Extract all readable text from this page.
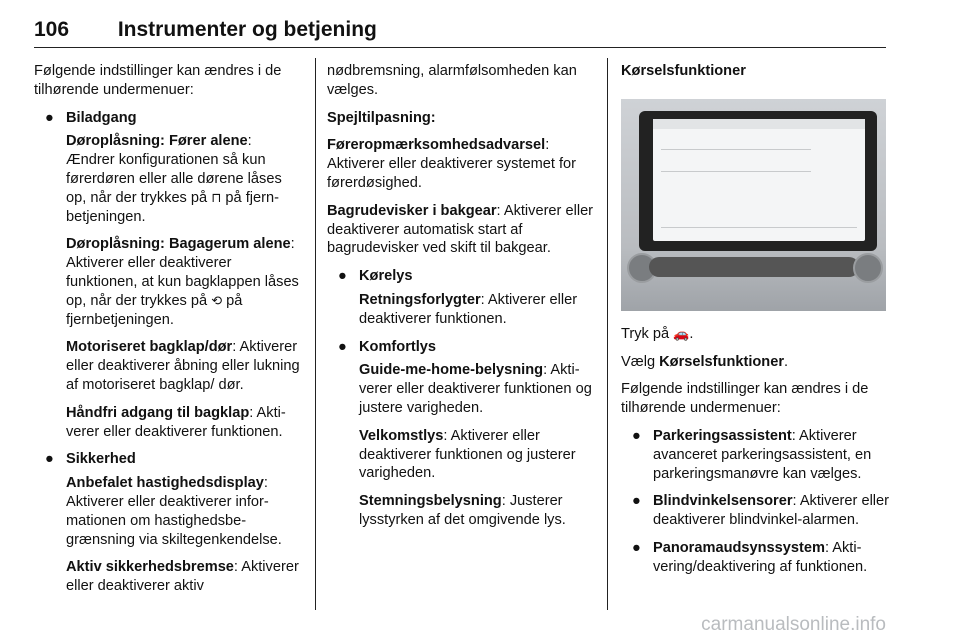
106 Instrumenter og betjening

Følgende indstillinger kan ændres i de tilhørende undermenuer:

● Biladgang

Døroplåsning: Fører alene: Ændrer konfigurationen så kun førerdøren eller alle dørene låses op, når der trykkes på ⊓ på fjernbetjeningen.

Døroplåsning: Bagagerum alene: Aktiverer eller deaktiverer funktionen, at kun bagklappen låses op, når der trykkes på ⟲ på fjernbetjeningen.

Motoriseret bagklap/dør: Aktiverer eller deaktiverer åbning eller lukning af motoriseret bagklap/ dør.

Håndfri adgang til bagklap: Aktiverer eller deaktiverer funktionen.

● Sikkerhed

Anbefalet hastighedsdisplay: Aktiverer eller deaktiverer informationen om hastighedsbegrænsning via skiltegenkendelse.

Aktiv sikkerhedsbremse: Aktiverer eller deaktiverer aktiv

nødbremsning, alarmfølsomheden kan vælges.

Spejltilpasning:

Føreropmærksomhedsadvarsel: Aktiverer eller deaktiverer systemet for førerdøsighed.

Bagrudevisker i bakgear: Aktiverer eller deaktiverer automatisk start af bagrudevisker ved skift til bakgear.

● Kørelys

Retningsforlygter: Aktiverer eller deaktiverer funktionen.

● Komfortlys

Guide-me-home-belysning: Aktiverer eller deaktiverer funktionen og justere varigheden.

Velkomstlys: Aktiverer eller deaktiverer funktionen og justerer varigheden.

Stemningsbelysning: Justerer lysstyrken af det omgivende lys.

Kørselsfunktioner

Tryk på 🚗.

Vælg Kørselsfunktioner.

Følgende indstillinger kan ændres i de tilhørende undermenuer:

● Parkeringsassistent: Aktiverer avanceret parkeringsassistent, en parkeringsmanøvre kan vælges.

● Blindvinkelsensorer: Aktiverer eller deaktiverer blindvinkel-alarmen.

● Panoramaudsynssystem: Aktivering/deaktivering af funktionen.

carmanualsonline.info
